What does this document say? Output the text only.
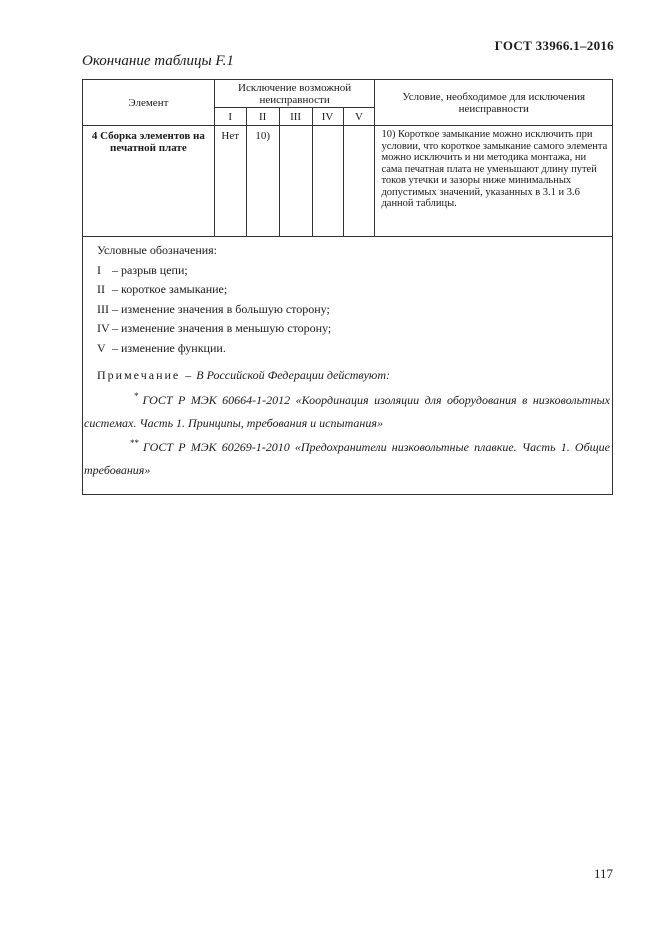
ГОСТ 33966.1–2016
Окончание таблицы F.1
Элемент	Исключение возможной неисправности					Условие, необходимое для исключения неисправности
	I	II	III	IV	V	
4 Сборка элементов на печатной плате	Нет	10)				10) Короткое замыкание можно исключить при условии, что короткое замыкание самого элемента можно исключить и ни методика монтажа, ни сама печатная плата не уменьшают длину путей токов утечки и зазоры ниже минимальных допустимых значений, указанных в 3.1 и 3.6 данной таблицы.
Условные обозначения:
I – разрыв цепи;
II – короткое замыкание;
III – изменение значения в большую сторону;
IV – изменение значения в меньшую сторону;
V – изменение функции.
Примечание – В Российской Федерации действуют:
* ГОСТ Р МЭК 60664-1-2012 «Координация изоляции для оборудования в низковольтных системах. Часть 1. Принципы, требования и испытания»
** ГОСТ Р МЭК 60269-1-2010 «Предохранители низковольтные плавкие. Часть 1. Общие требования»
117
